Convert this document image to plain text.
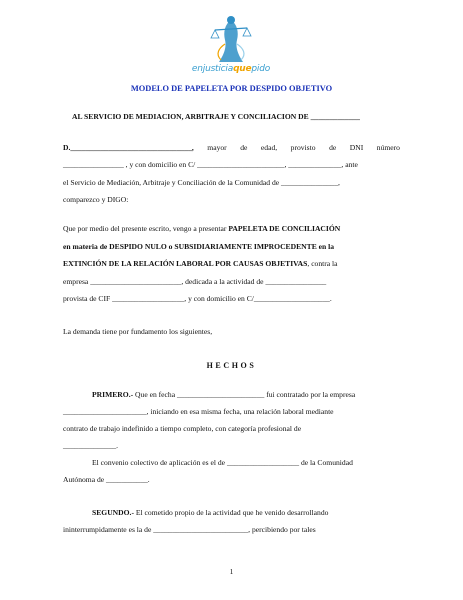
enjusticiaquepido
MODELO DE PAPELETA POR DESPIDO OBJETIVO
AL SERVICIO DE MEDIACION, ARBITRAJE Y CONCILIACION DE _____________
D.________________________________, mayor de edad, provisto de DNI número
________________ , y con domicilio en C/ _______________________, ______________, ante
el Servicio de Mediación, Arbitraje y Conciliación de la Comunidad de _______________,
comparezco y DIGO:
Que por medio del presente escrito, vengo a presentar PAPELETA DE CONCILIACIÓN
en materia de DESPIDO NULO o SUBSIDIARIAMENTE IMPROCEDENTE en la
EXTINCIÓN DE LA RELACIÓN LABORAL POR CAUSAS OBJETIVAS, contra la
empresa ________________________, dedicada a la actividad de ________________
provista de CIF ___________________, y con domicilio en C/____________________.
La demanda tiene por fundamento los siguientes,
HECHOS
PRIMERO.- Que en fecha _______________________ fui contratado por la empresa
______________________, iniciando en esa misma fecha, una relación laboral mediante
contrato de trabajo indefinido a tiempo completo, con categoría profesional de
______________.
El convenio colectivo de aplicación es el de ___________________ de la Comunidad
Autónoma de ___________.
SEGUNDO.- El cometido propio de la actividad que he venido desarrollando
ininterrumpidamente es la de _________________________, percibiendo por tales
1
